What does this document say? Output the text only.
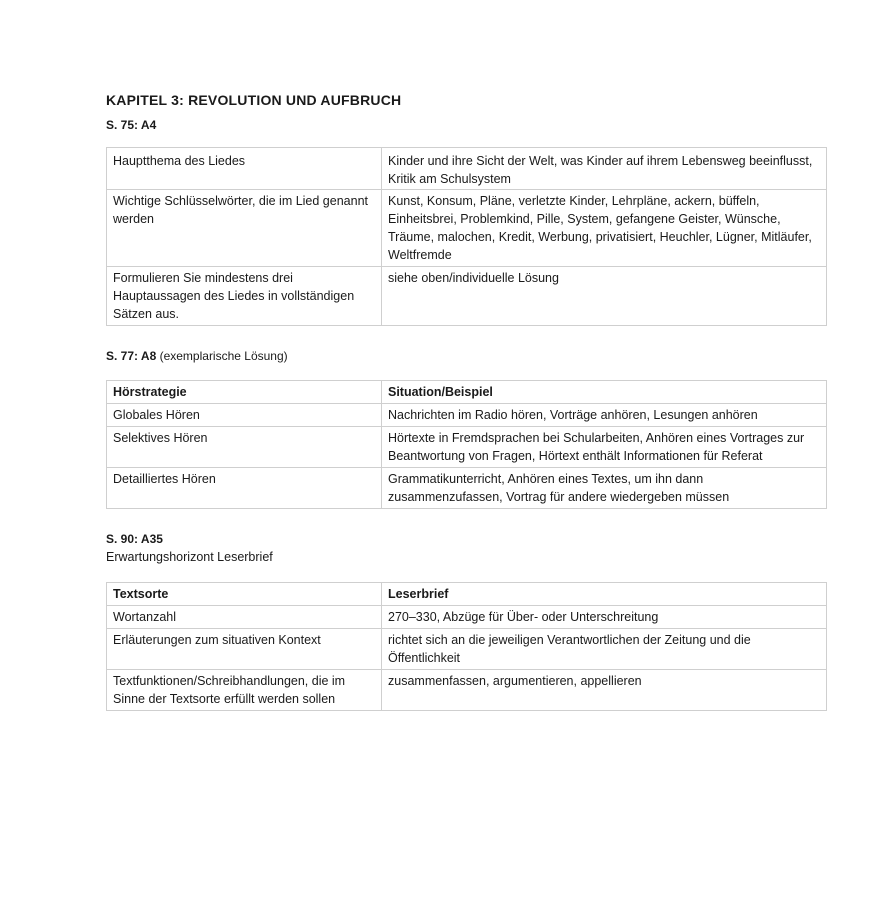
KAPITEL 3: REVOLUTION UND AUFBRUCH

S. 75: A4

Hauptthema des Liedes	Kinder und ihre Sicht der Welt, was Kinder auf ihrem Lebensweg beeinflusst, Kritik am Schulsystem
Wichtige Schlüsselwörter, die im Lied genannt werden	Kunst, Konsum, Pläne, verletzte Kinder, Lehrpläne, ackern, büffeln, Einheitsbrei, Problemkind, Pille, System, gefangene Geister, Wünsche, Träume, malochen, Kredit, Werbung, privatisiert, Heuchler, Lügner, Mitläufer, Weltfremde
Formulieren Sie mindestens drei Hauptaussagen des Liedes in vollständigen Sätzen aus.	siehe oben/individuelle Lösung

S. 77: A8 (exemplarische Lösung)

Hörstrategie	Situation/Beispiel
Globales Hören	Nachrichten im Radio hören, Vorträge anhören, Lesungen anhören
Selektives Hören	Hörtexte in Fremdsprachen bei Schularbeiten, Anhören eines Vortrages zur Beantwortung von Fragen, Hörtext enthält Informationen für Referat
Detailliertes Hören	Grammatikunterricht, Anhören eines Textes, um ihn dann zusammenzufassen, Vortrag für andere wiedergeben müssen

S. 90: A35

Erwartungshorizont Leserbrief

Textsorte	Leserbrief
Wortanzahl	270–330, Abzüge für Über- oder Unterschreitung
Erläuterungen zum situativen Kontext	richtet sich an die jeweiligen Verantwortlichen der Zeitung und die Öffentlichkeit
Textfunktionen/Schreibhandlungen, die im Sinne der Textsorte erfüllt werden sollen	zusammenfassen, argumentieren, appellieren
